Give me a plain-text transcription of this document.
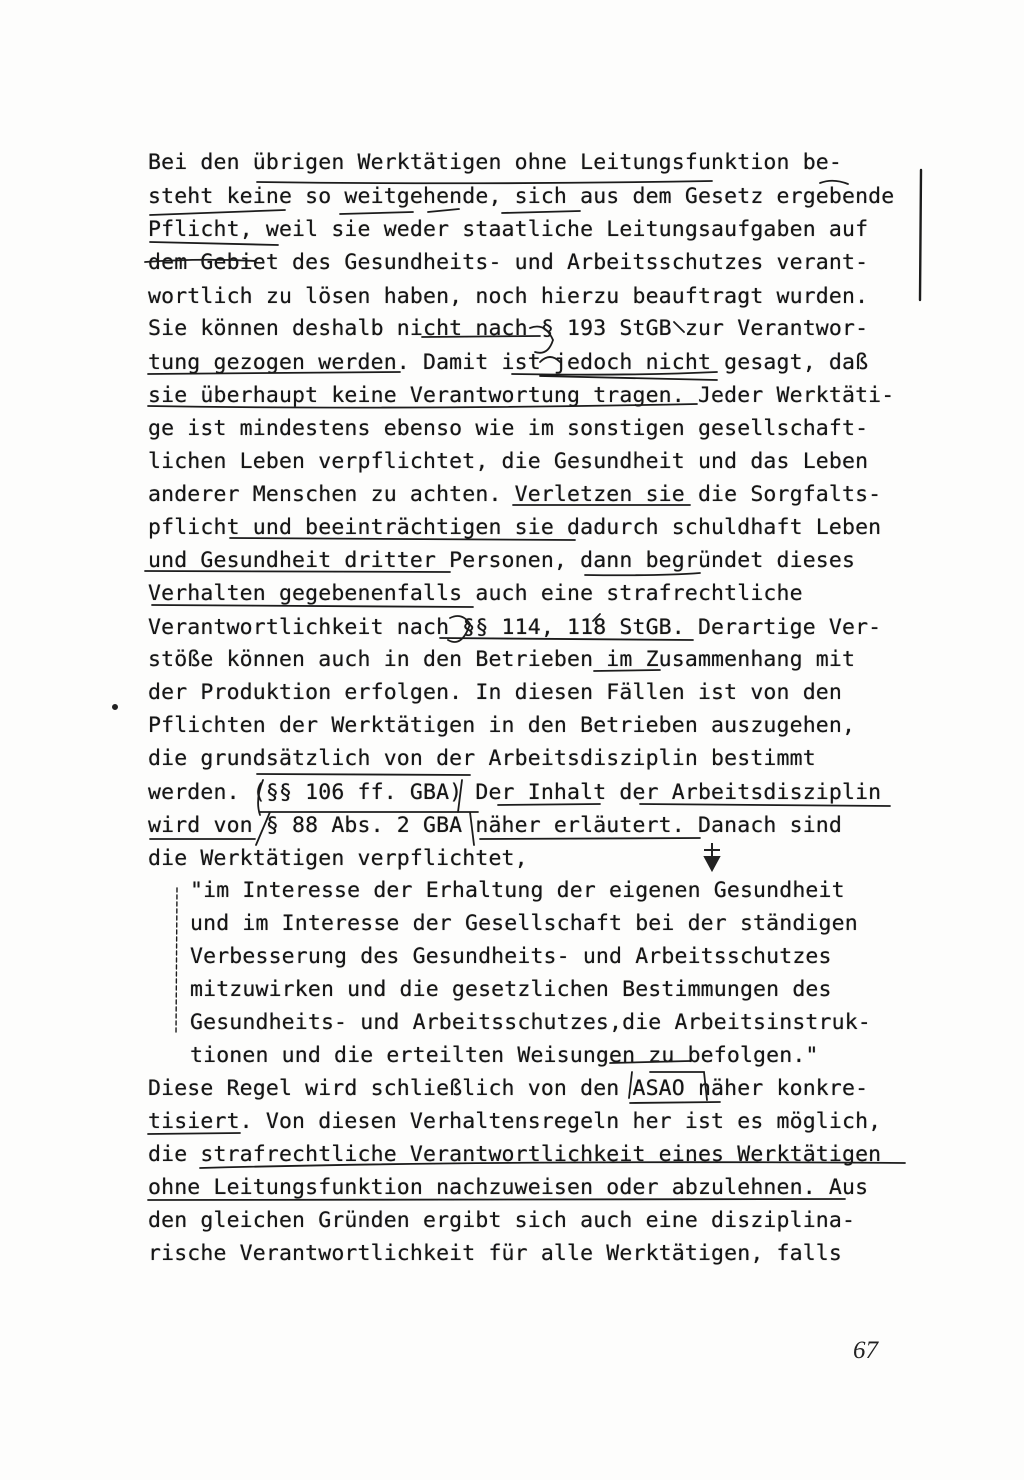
Bei den übrigen Werktätigen ohne Leitungsfunktion be-
steht keine so weitgehende, sich aus dem Gesetz ergebende
Pflicht, weil sie weder staatliche Leitungsaufgaben auf
dem Gebiet des Gesundheits- und Arbeitsschutzes verant-
wortlich zu lösen haben, noch hierzu beauftragt wurden.
Sie können deshalb nicht nach § 193 StGB zur Verantwor-
tung gezogen werden. Damit ist jedoch nicht gesagt, daß
sie überhaupt keine Verantwortung tragen. Jeder Werktäti-
ge ist mindestens ebenso wie im sonstigen gesellschaft-
lichen Leben verpflichtet, die Gesundheit und das Leben
anderer Menschen zu achten. Verletzen sie die Sorgfalts-
pflicht und beeinträchtigen sie dadurch schuldhaft Leben
und Gesundheit dritter Personen, dann begründet dieses
Verhalten gegebenenfalls auch eine strafrechtliche
Verantwortlichkeit nach §§ 114, 118 StGB. Derartige Ver-
stöße können auch in den Betrieben im Zusammenhang mit
der Produktion erfolgen. In diesen Fällen ist von den
Pflichten der Werktätigen in den Betrieben auszugehen,
die grundsätzlich von der Arbeitsdisziplin bestimmt
werden. (§§ 106 ff. GBA) Der Inhalt der Arbeitsdisziplin
wird von § 88 Abs. 2 GBA näher erläutert. Danach sind
die Werktätigen verpflichtet,
"im Interesse der Erhaltung der eigenen Gesundheit
und im Interesse der Gesellschaft bei der ständigen
Verbesserung des Gesundheits- und Arbeitsschutzes
mitzuwirken und die gesetzlichen Bestimmungen des
Gesundheits- und Arbeitsschutzes,die Arbeitsinstruk-
tionen und die erteilten Weisungen zu befolgen."
Diese Regel wird schließlich von den ASAO näher konkre-
tisiert. Von diesen Verhaltensregeln her ist es möglich,
die strafrechtliche Verantwortlichkeit eines Werktätigen
ohne Leitungsfunktion nachzuweisen oder abzulehnen. Aus
den gleichen Gründen ergibt sich auch eine disziplina-
rische Verantwortlichkeit für alle Werktätigen, falls
67
